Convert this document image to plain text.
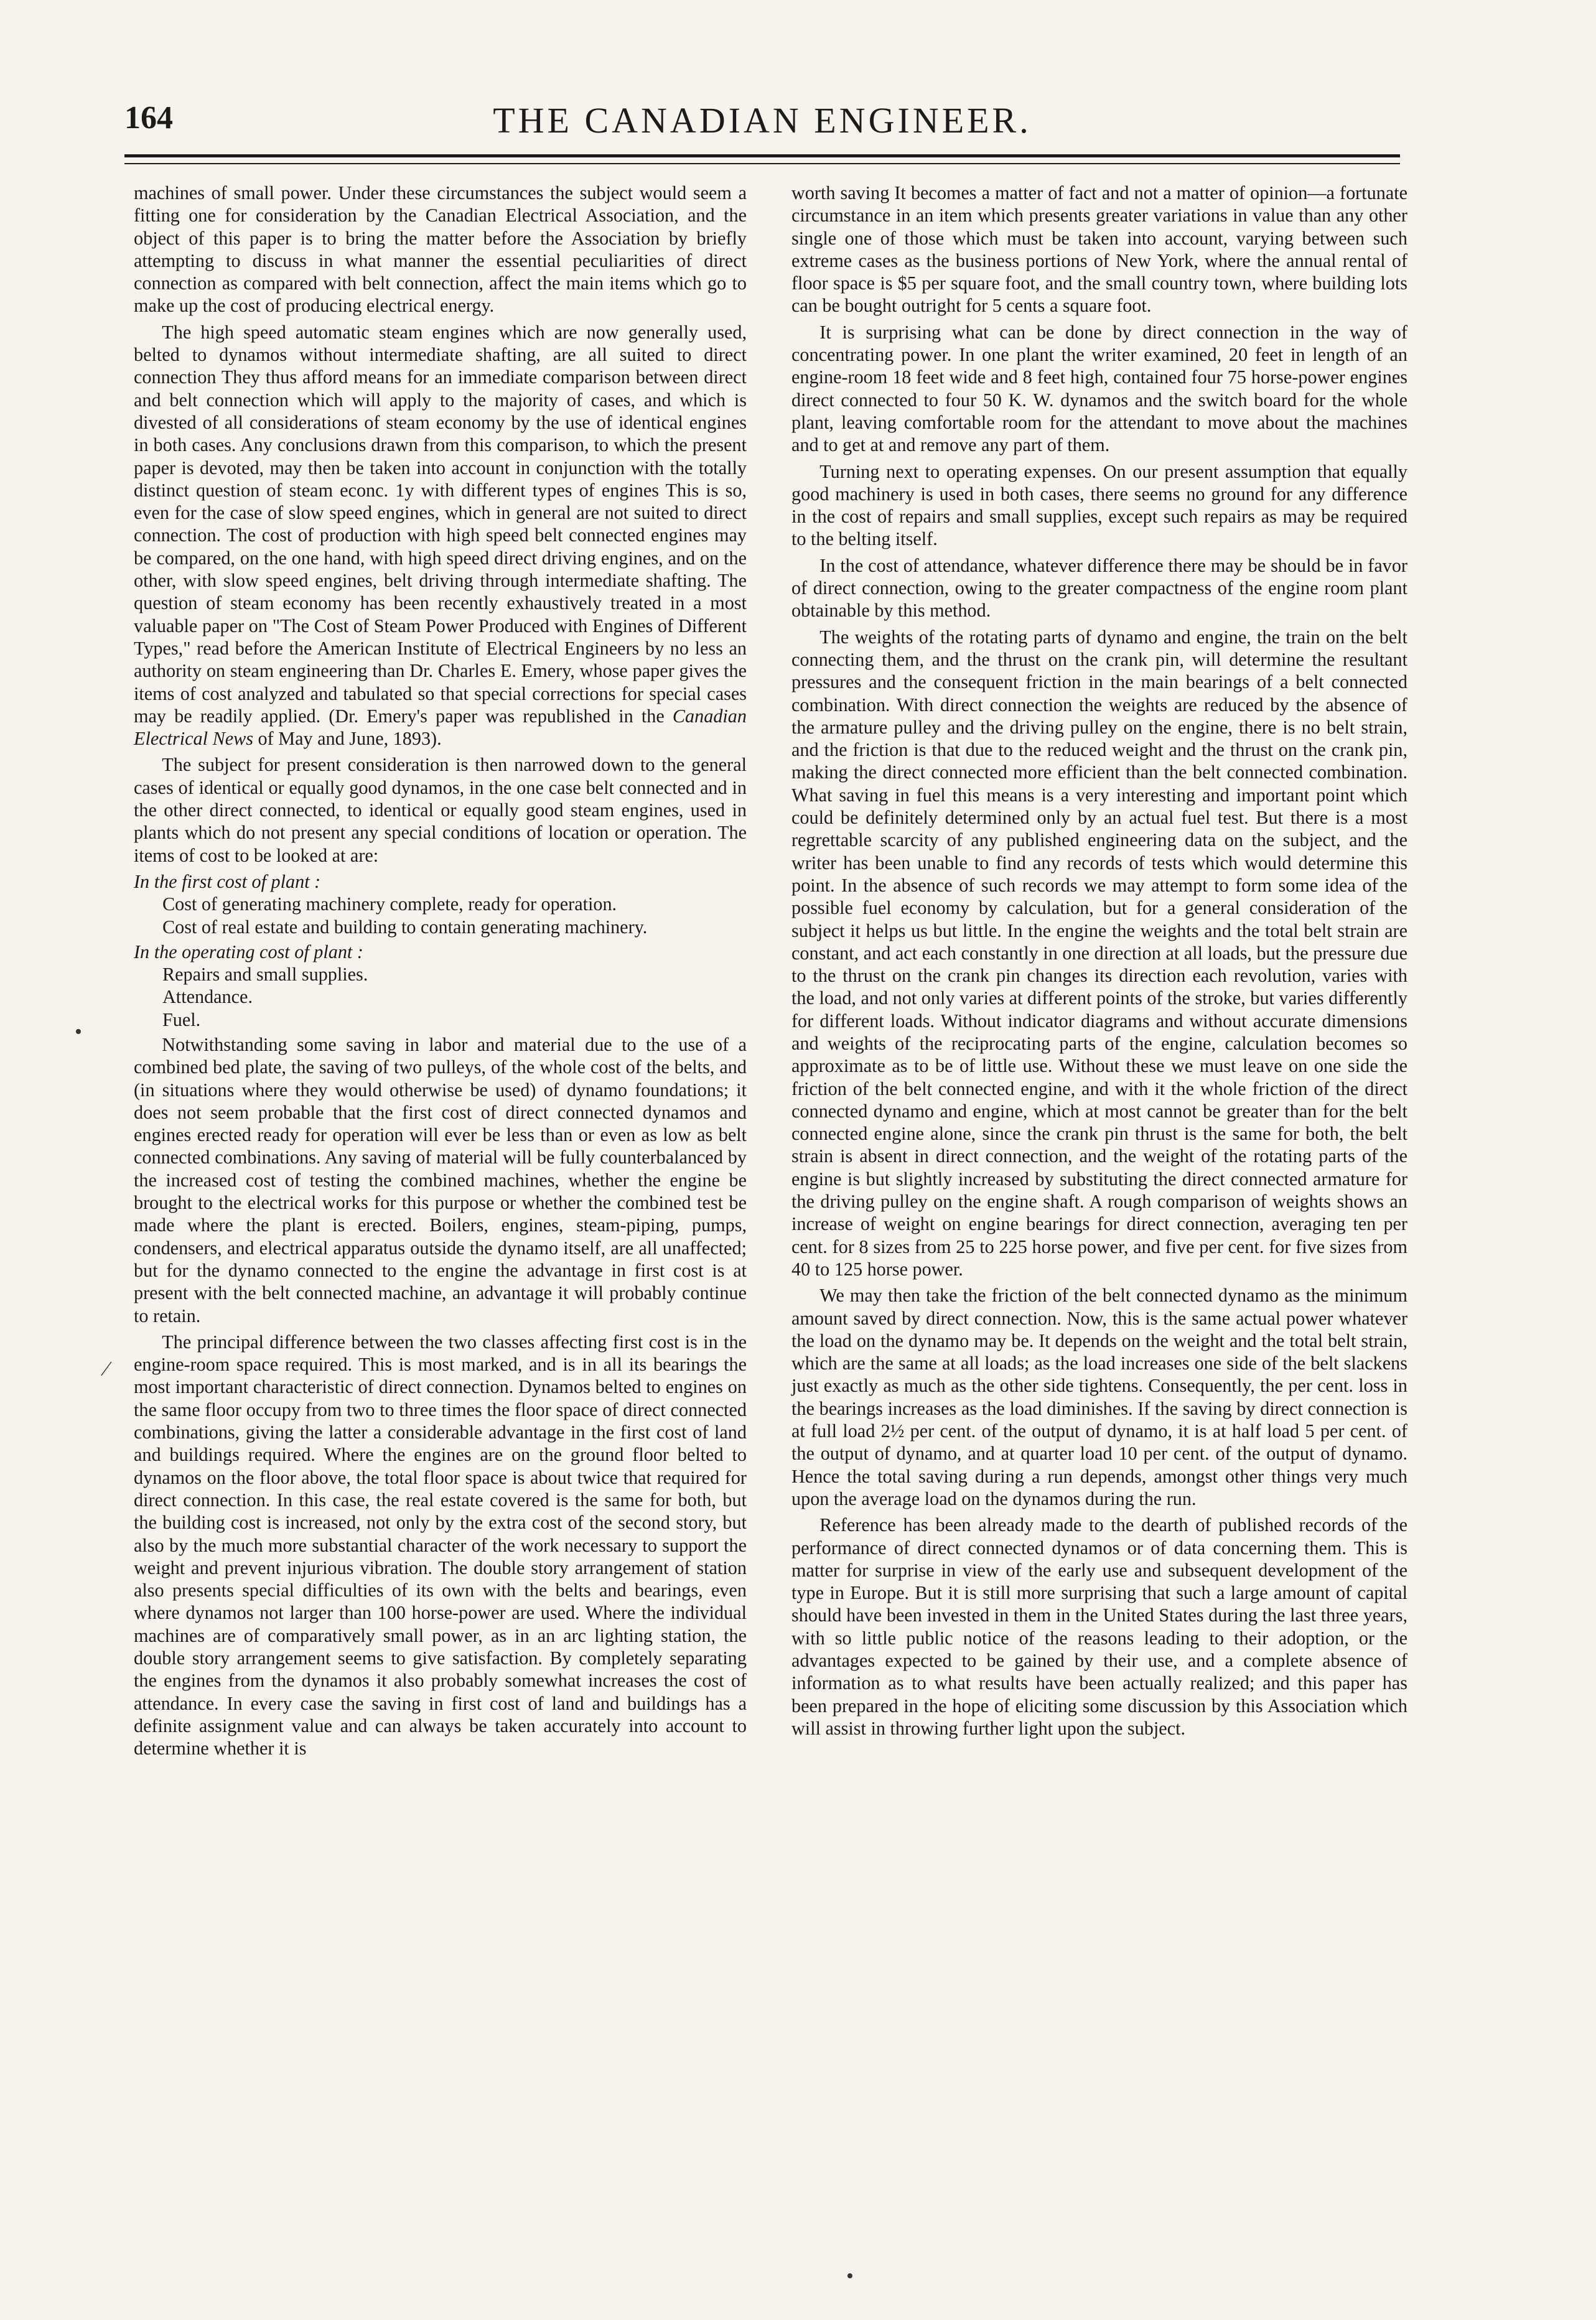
THE CANADIAN ENGINEER.
164

machines of small power. Under these circumstances the subject would seem a fitting one for consideration by the Canadian Electrical Association, and the object of this paper is to bring the matter before the Association by briefly attempting to discuss in what manner the essential peculiarities of direct connection as compared with belt connection, affect the main items which go to make up the cost of producing electrical energy.

The high speed automatic steam engines which are now generally used, belted to dynamos without intermediate shafting, are all suited to direct connection They thus afford means for an immediate comparison between direct and belt connection which will apply to the majority of cases, and which is divested of all considerations of steam economy by the use of identical engines in both cases. Any conclusions drawn from this comparison, to which the present paper is devoted, may then be taken into account in conjunction with the totally distinct question of steam econc. 1y with different types of engines This is so, even for the case of slow speed engines, which in general are not suited to direct connection. The cost of production with high speed belt connected engines may be compared, on the one hand, with high speed direct driving engines, and on the other, with slow speed engines, belt driving through intermediate shafting. The question of steam economy has been recently exhaustively treated in a most valuable paper on "The Cost of Steam Power Produced with Engines of Different Types," read before the American Institute of Electrical Engineers by no less an authority on steam engineering than Dr. Charles E. Emery, whose paper gives the items of cost analyzed and tabulated so that special corrections for special cases may be readily applied. (Dr. Emery's paper was republished in the Canadian Electrical News of May and June, 1893).

The subject for present consideration is then narrowed down to the general cases of identical or equally good dynamos, in the one case belt connected and in the other direct connected, to identical or equally good steam engines, used in plants which do not present any special conditions of location or operation. The items of cost to be looked at are:

In the first cost of plant :
Cost of generating machinery complete, ready for operation.
Cost of real estate and building to contain generating machinery.
In the operating cost of plant :
Repairs and small supplies.
Attendance.
Fuel.

Notwithstanding some saving in labor and material due to the use of a combined bed plate, the saving of two pulleys, of the whole cost of the belts, and (in situations where they would otherwise be used) of dynamo foundations; it does not seem probable that the first cost of direct connected dynamos and engines erected ready for operation will ever be less than or even as low as belt connected combinations. Any saving of material will be fully counterbalanced by the increased cost of testing the combined machines, whether the engine be brought to the electrical works for this purpose or whether the combined test be made where the plant is erected. Boilers, engines, steam-piping, pumps, condensers, and electrical apparatus outside the dynamo itself, are all unaffected; but for the dynamo connected to the engine the advantage in first cost is at present with the belt connected machine, an advantage it will probably continue to retain.

The principal difference between the two classes affecting first cost is in the engine-room space required. This is most marked, and is in all its bearings the most important characteristic of direct connection. Dynamos belted to engines on the same floor occupy from two to three times the floor space of direct connected combinations, giving the latter a considerable advantage in the first cost of land and buildings required. Where the engines are on the ground floor belted to dynamos on the floor above, the total floor space is about twice that required for direct connection. In this case, the real estate covered is the same for both, but the building cost is increased, not only by the extra cost of the second story, but also by the much more substantial character of the work necessary to support the weight and prevent injurious vibration. The double story arrangement of station also presents special difficulties of its own with the belts and bearings, even where dynamos not larger than 100 horse-power are used. Where the individual machines are of comparatively small power, as in an arc lighting station, the double story arrangement seems to give satisfaction. By completely separating the engines from the dynamos it also probably somewhat increases the cost of attendance. In every case the saving in first cost of land and buildings has a definite assignment value and can always be taken accurately into account to determine whether it is

worth saving It becomes a matter of fact and not a matter of opinion—a fortunate circumstance in an item which presents greater variations in value than any other single one of those which must be taken into account, varying between such extreme cases as the business portions of New York, where the annual rental of floor space is $5 per square foot, and the small country town, where building lots can be bought outright for 5 cents a square foot.

It is surprising what can be done by direct connection in the way of concentrating power. In one plant the writer examined, 20 feet in length of an engine-room 18 feet wide and 8 feet high, contained four 75 horse-power engines direct connected to four 50 K. W. dynamos and the switch board for the whole plant, leaving comfortable room for the attendant to move about the machines and to get at and remove any part of them.

Turning next to operating expenses. On our present assumption that equally good machinery is used in both cases, there seems no ground for any difference in the cost of repairs and small supplies, except such repairs as may be required to the belting itself.

In the cost of attendance, whatever difference there may be should be in favor of direct connection, owing to the greater compactness of the engine room plant obtainable by this method.

The weights of the rotating parts of dynamo and engine, the train on the belt connecting them, and the thrust on the crank pin, will determine the resultant pressures and the consequent friction in the main bearings of a belt connected combination. With direct connection the weights are reduced by the absence of the armature pulley and the driving pulley on the engine, there is no belt strain, and the friction is that due to the reduced weight and the thrust on the crank pin, making the direct connected more efficient than the belt connected combination. What saving in fuel this means is a very interesting and important point which could be definitely determined only by an actual fuel test. But there is a most regrettable scarcity of any published engineering data on the subject, and the writer has been unable to find any records of tests which would determine this point. In the absence of such records we may attempt to form some idea of the possible fuel economy by calculation, but for a general consideration of the subject it helps us but little. In the engine the weights and the total belt strain are constant, and act each constantly in one direction at all loads, but the pressure due to the thrust on the crank pin changes its direction each revolution, varies with the load, and not only varies at different points of the stroke, but varies differently for different loads. Without indicator diagrams and without accurate dimensions and weights of the reciprocating parts of the engine, calculation becomes so approximate as to be of little use. Without these we must leave on one side the friction of the belt connected engine, and with it the whole friction of the direct connected dynamo and engine, which at most cannot be greater than for the belt connected engine alone, since the crank pin thrust is the same for both, the belt strain is absent in direct connection, and the weight of the rotating parts of the engine is but slightly increased by substituting the direct connected armature for the driving pulley on the engine shaft. A rough comparison of weights shows an increase of weight on engine bearings for direct connection, averaging ten per cent. for 8 sizes from 25 to 225 horse power, and five per cent. for five sizes from 40 to 125 horse power.

We may then take the friction of the belt connected dynamo as the minimum amount saved by direct connection. Now, this is the same actual power whatever the load on the dynamo may be. It depends on the weight and the total belt strain, which are the same at all loads; as the load increases one side of the belt slackens just exactly as much as the other side tightens. Consequently, the per cent. loss in the bearings increases as the load diminishes. If the saving by direct connection is at full load 2½ per cent. of the output of dynamo, it is at half load 5 per cent. of the output of dynamo, and at quarter load 10 per cent. of the output of dynamo. Hence the total saving during a run depends, amongst other things very much upon the average load on the dynamos during the run.

Reference has been already made to the dearth of published records of the performance of direct connected dynamos or of data concerning them. This is matter for surprise in view of the early use and subsequent development of the type in Europe. But it is still more surprising that such a large amount of capital should have been invested in them in the United States during the last three years, with so little public notice of the reasons leading to their adoption, or the advantages expected to be gained by their use, and a complete absence of information as to what results have been actually realized; and this paper has been prepared in the hope of eliciting some discussion by this Association which will assist in throwing further light upon the subject.

•
⁄
•
